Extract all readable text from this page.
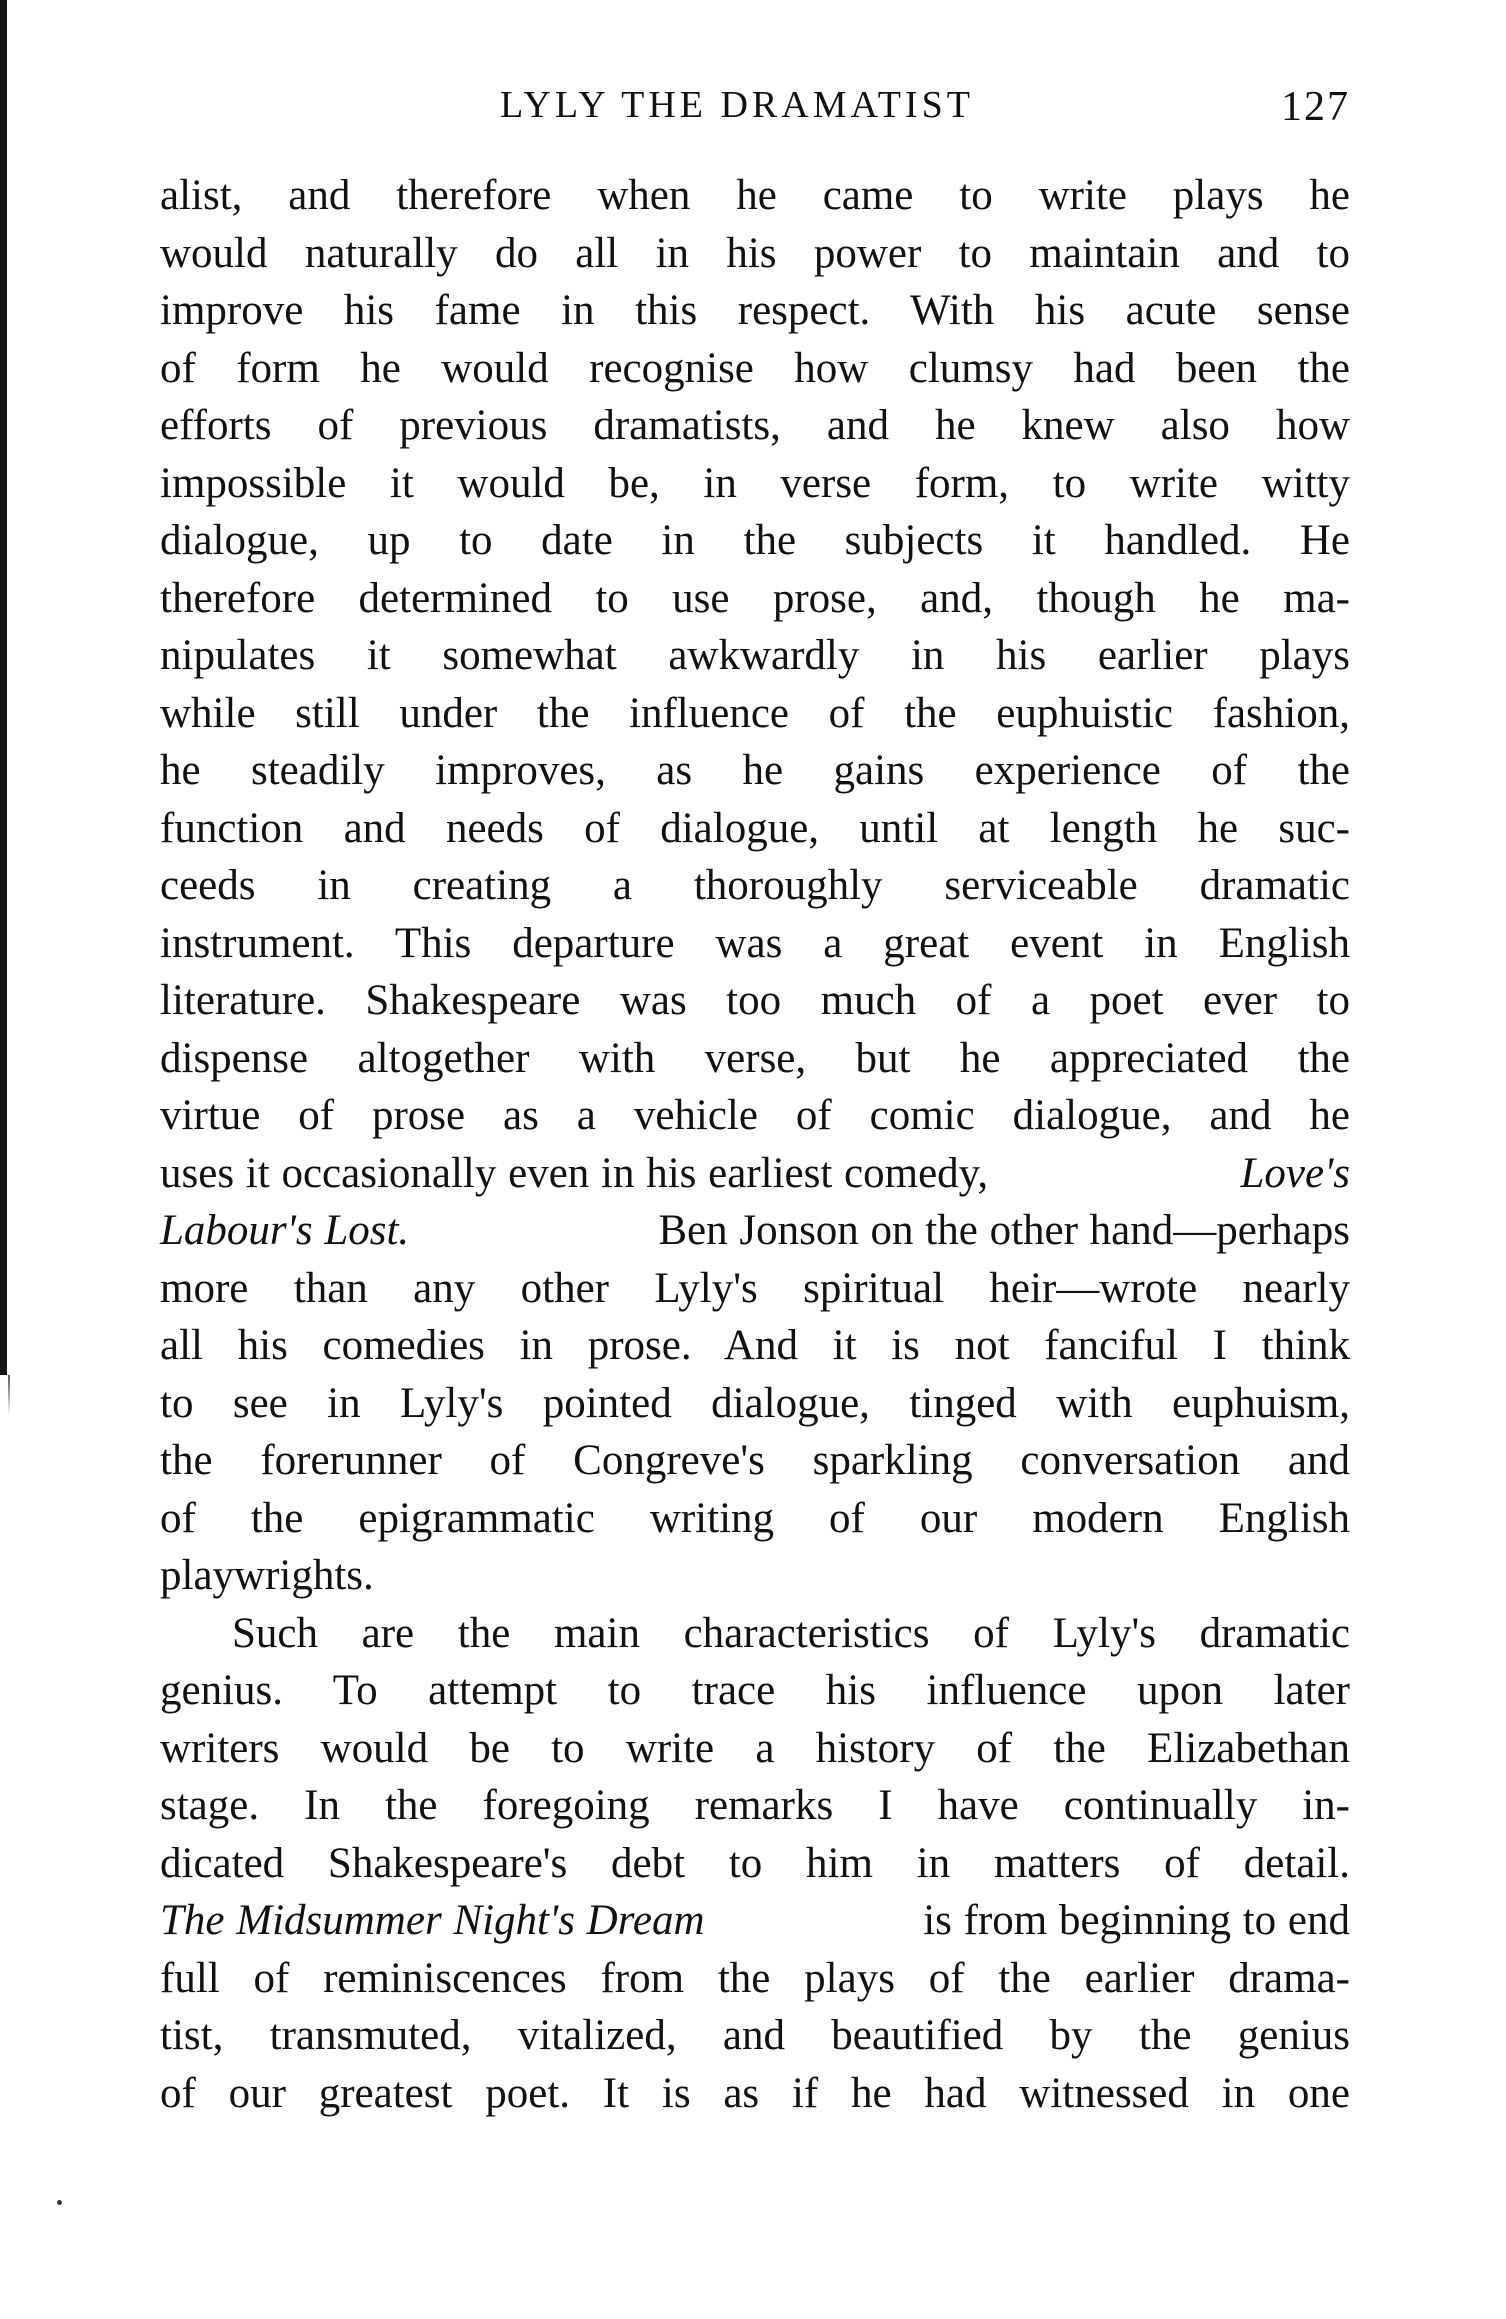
LYLY THE DRAMATIST	127
alist, and therefore when he came to write plays he
would naturally do all in his power to maintain and to
improve his fame in this respect. With his acute sense
of form he would recognise how clumsy had been the
efforts of previous dramatists, and he knew also how
impossible it would be, in verse form, to write witty
dialogue, up to date in the subjects it handled. He
therefore determined to use prose, and, though he ma-
nipulates it somewhat awkwardly in his earlier plays
while still under the influence of the euphuistic fashion,
he steadily improves, as he gains experience of the
function and needs of dialogue, until at length he suc-
ceeds in creating a thoroughly serviceable dramatic
instrument. This departure was a great event in English
literature. Shakespeare was too much of a poet ever to
dispense altogether with verse, but he appreciated the
virtue of prose as a vehicle of comic dialogue, and he
uses it occasionally even in his earliest comedy,	Love's
Labour's Lost.	Ben Jonson on the other hand—perhaps
more than any other Lyly's spiritual heir—wrote nearly
all his comedies in prose. And it is not fanciful I think
to see in Lyly's pointed dialogue, tinged with euphuism,
the forerunner of Congreve's sparkling conversation and
of the epigrammatic writing of our modern English
playwrights.
Such are the main characteristics of Lyly's dramatic
genius. To attempt to trace his influence upon later
writers would be to write a history of the Elizabethan
stage. In the foregoing remarks I have continually in-
dicated Shakespeare's debt to him in matters of detail.
The Midsummer Night's Dream	is from beginning to end
full of reminiscences from the plays of the earlier drama-
tist, transmuted, vitalized, and beautified by the genius
of our greatest poet. It is as if he had witnessed in one
